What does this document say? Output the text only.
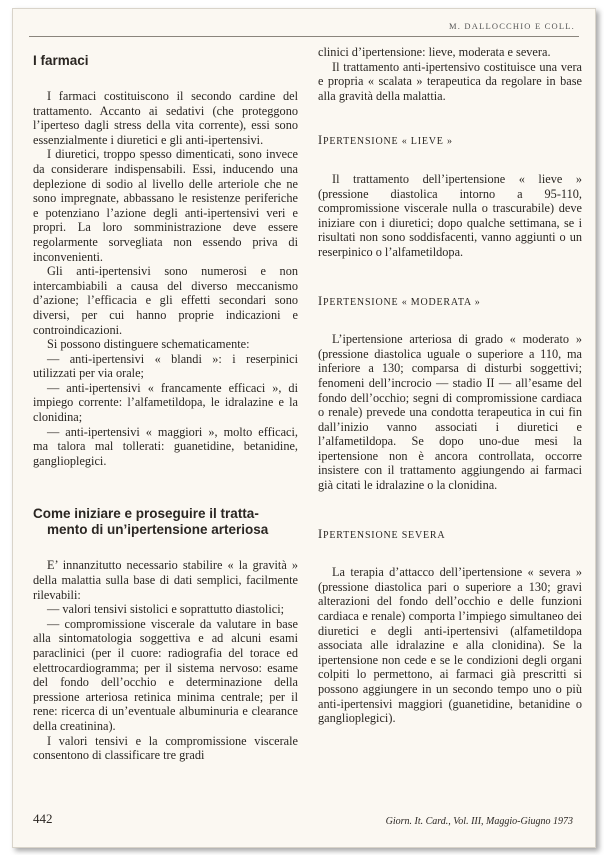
M. DALLOCCHIO E COLL.
I farmaci

I farmaci costituiscono il secondo cardine del trattamento. Accanto ai sedativi (che proteggono l’iperteso dagli stress della vita corrente), essi sono essenzialmente i diuretici e gli anti-ipertensivi.

I diuretici, troppo spesso dimenticati, sono invece da considerare indispensabili. Essi, inducendo una deplezione di sodio al livello delle arteriole che ne sono impregnate, abbassano le resistenze periferiche e potenziano l’azione degli anti-ipertensivi veri e propri. La loro somministrazione deve essere regolarmente sorvegliata non essendo priva di inconvenienti.

Gli anti-ipertensivi sono numerosi e non intercambiabili a causa del diverso meccanismo d’azione; l’efficacia e gli effetti secondari sono diversi, per cui hanno proprie indicazioni e controindicazioni.

Si possono distinguere schematicamente:

— anti-ipertensivi « blandi »: i reserpinici utilizzati per via orale;

— anti-ipertensivi « francamente efficaci », di impiego corrente: l’alfametildopa, le idralazine e la clonidina;

— anti-ipertensivi « maggiori », molto efficaci, ma talora mal tollerati: guanetidine, betanidine, ganglioplegici.

Come iniziare e proseguire il tratta-
mento di un’ipertensione arteriosa

E’ innanzitutto necessario stabilire « la gravità » della malattia sulla base di dati semplici, facilmente rilevabili:

— valori tensivi sistolici e soprattutto diastolici;

— compromissione viscerale da valutare in base alla sintomatologia soggettiva e ad alcuni esami paraclinici (per il cuore: radiografia del torace ed elettrocardiogramma; per il sistema nervoso: esame del fondo dell’occhio e determinazione della pressione arteriosa retinica minima centrale; per il rene: ricerca di un’eventuale albuminuria e clearance della creatinina).

I valori tensivi e la compromissione viscerale consentono di classificare tre gradi

clinici d’ipertensione: lieve, moderata e severa.

Il trattamento anti-ipertensivo costituisce una vera e propria « scalata » terapeutica da regolare in base alla gravità della malattia.

IPERTENSIONE « LIEVE »

Il trattamento dell’ipertensione « lieve » (pressione diastolica intorno a 95-110, compromissione viscerale nulla o trascurabile) deve iniziare con i diuretici; dopo qualche settimana, se i risultati non sono soddisfacenti, vanno aggiunti o un reserpinico o l’alfametildopa.

IPERTENSIONE « MODERATA »

L’ipertensione arteriosa di grado « moderato » (pressione diastolica uguale o superiore a 110, ma inferiore a 130; comparsa di disturbi soggettivi; fenomeni dell’incrocio — stadio II — all’esame del fondo dell’occhio; segni di compromissione cardiaca o renale) prevede una condotta terapeutica in cui fin dall’inizio vanno associati i diuretici e l’alfametildopa. Se dopo uno-due mesi la ipertensione non è ancora controllata, occorre insistere con il trattamento aggiungendo ai farmaci già citati le idralazine o la clonidina.

IPERTENSIONE SEVERA

La terapia d’attacco dell’ipertensione « severa » (pressione diastolica pari o superiore a 130; gravi alterazioni del fondo dell’occhio e delle funzioni cardiaca e renale) comporta l’impiego simultaneo dei diuretici e degli anti-ipertensivi (alfametildopa associata alle idralazine e alla clonidina). Se la ipertensione non cede e se le condizioni degli organi colpiti lo permettono, ai farmaci già prescritti si possono aggiungere in un secondo tempo uno o più anti-ipertensivi maggiori (guanetidine, betanidine o ganglioplegici).

442	Giorn. It. Card., Vol. III, Maggio-Giugno 1973
